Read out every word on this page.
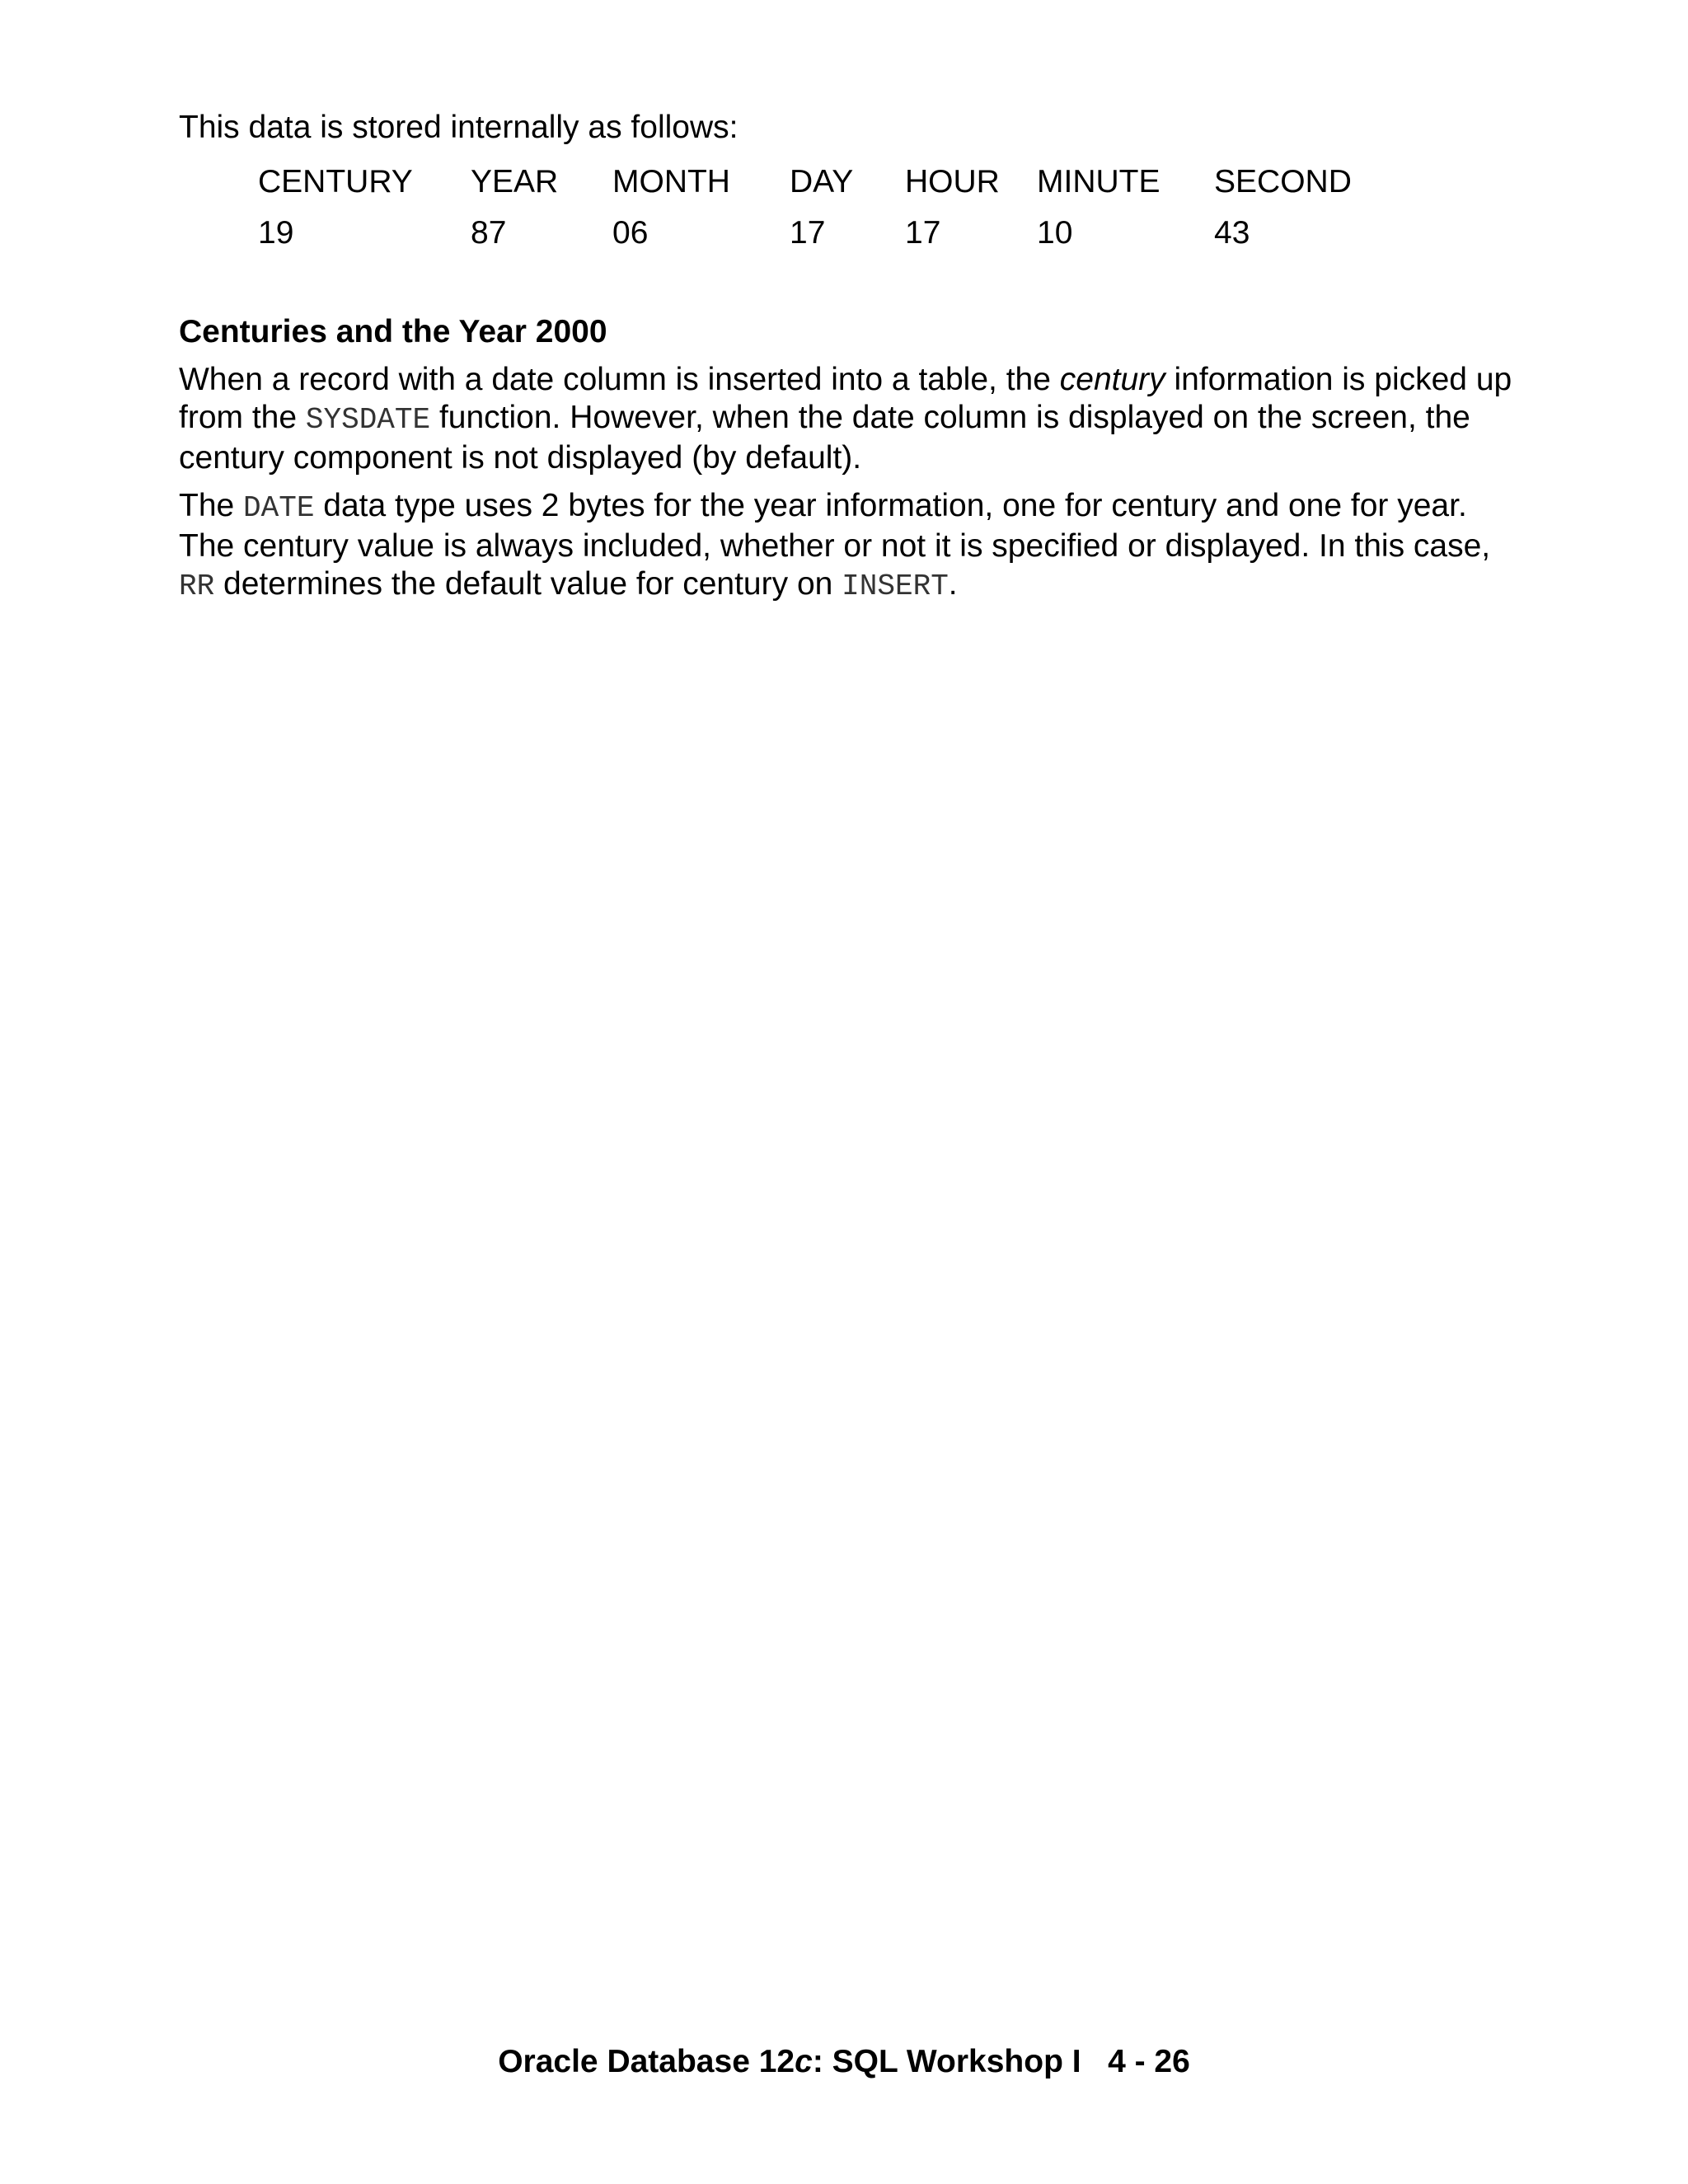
This data is stored internally as follows:
CENTURY	YEAR	MONTH	DAY	HOUR	MINUTE	SECOND
19	87	06	17	17	10	43
Centuries and the Year 2000
When a record with a date column is inserted into a table, the century information is picked up
from the SYSDATE function. However, when the date column is displayed on the screen, the
century component is not displayed (by default).
The DATE data type uses 2 bytes for the year information, one for century and one for year.
The century value is always included, whether or not it is specified or displayed. In this case,
RR determines the default value for century on INSERT.
Oracle Database 12c: SQL Workshop I   4 - 26
